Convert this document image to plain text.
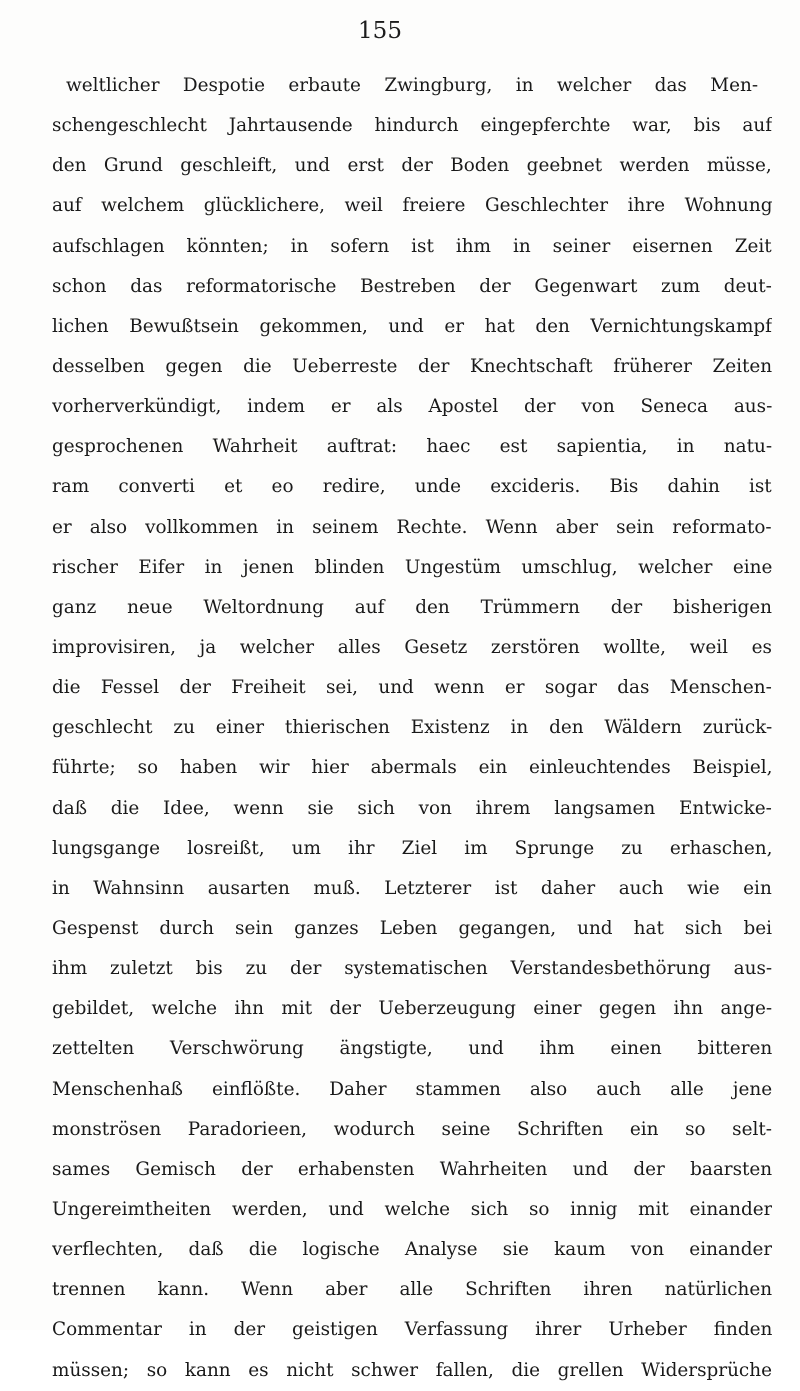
155
weltlicher Despotie erbaute Zwingburg, in welcher das Men-
schengeschlecht Jahrtausende hindurch eingepferchte war, bis auf
den Grund geschleift, und erst der Boden geebnet werden müsse,
auf welchem glücklichere, weil freiere Geschlechter ihre Wohnung
aufschlagen könnten; in sofern ist ihm in seiner eisernen Zeit
schon das reformatorische Bestreben der Gegenwart zum deut-
lichen Bewußtsein gekommen, und er hat den Vernichtungskampf
desselben gegen die Ueberreste der Knechtschaft früherer Zeiten
vorherverkündigt, indem er als Apostel der von Seneca aus-
gesprochenen Wahrheit auftrat: haec est sapientia, in natu-
ram converti et eo redire, unde excideris. Bis dahin ist
er also vollkommen in seinem Rechte. Wenn aber sein reformato-
rischer Eifer in jenen blinden Ungestüm umschlug, welcher eine
ganz neue Weltordnung auf den Trümmern der bisherigen
improvisiren, ja welcher alles Gesetz zerstören wollte, weil es
die Fessel der Freiheit sei, und wenn er sogar das Menschen-
geschlecht zu einer thierischen Existenz in den Wäldern zurück-
führte; so haben wir hier abermals ein einleuchtendes Beispiel,
daß die Idee, wenn sie sich von ihrem langsamen Entwicke-
lungsgange losreißt, um ihr Ziel im Sprunge zu erhaschen,
in Wahnsinn ausarten muß. Letzterer ist daher auch wie ein
Gespenst durch sein ganzes Leben gegangen, und hat sich bei
ihm zuletzt bis zu der systematischen Verstandesbethörung aus-
gebildet, welche ihn mit der Ueberzeugung einer gegen ihn ange-
zettelten Verschwörung ängstigte, und ihm einen bitteren
Menschenhaß einflößte. Daher stammen also auch alle jene
monströsen Paradorieen, wodurch seine Schriften ein so selt-
sames Gemisch der erhabensten Wahrheiten und der baarsten
Ungereimtheiten werden, und welche sich so innig mit einander
verflechten, daß die logische Analyse sie kaum von einander
trennen kann. Wenn aber alle Schriften ihren natürlichen
Commentar in der geistigen Verfassung ihrer Urheber finden
müssen; so kann es nicht schwer fallen, die grellen Widersprüche
